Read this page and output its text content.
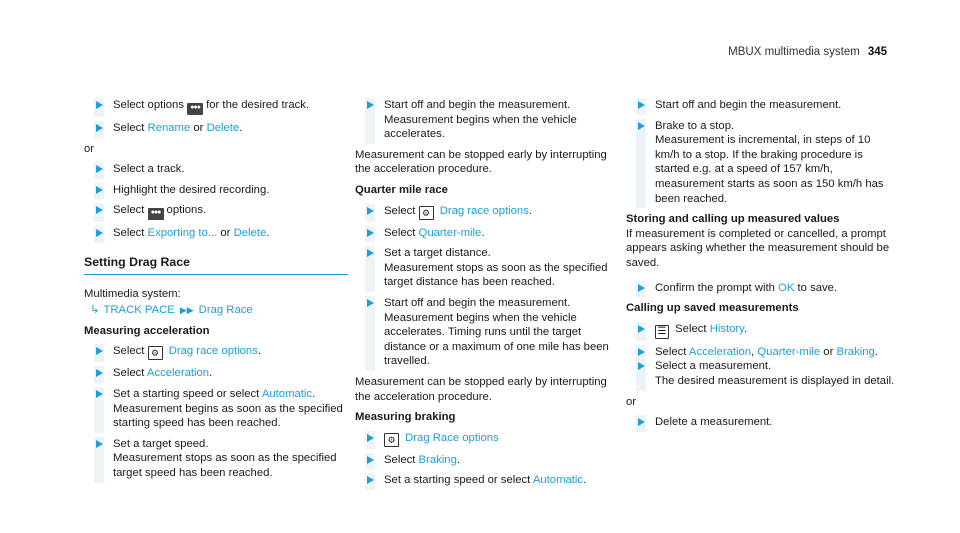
MBUX multimedia system 345
Select options ●●● for the desired track.
Select Rename or Delete.
or
Select a track.
Highlight the desired recording.
Select ●●● options.
Select Exporting to... or Delete.
Setting Drag Race
Multimedia system:
↳ TRACK PACE ▶▶ Drag Race
Measuring acceleration
Select ⚙ Drag race options.
Select Acceleration.
Set a starting speed or select Automatic.
Measurement begins as soon as the specified starting speed has been reached.
Set a target speed.
Measurement stops as soon as the specified target speed has been reached.
Start off and begin the measurement.
Measurement begins when the vehicle accelerates.
Measurement can be stopped early by interrupting the acceleration procedure.
Quarter mile race
Select ⚙ Drag race options.
Select Quarter-mile.
Set a target distance.
Measurement stops as soon as the specified target distance has been reached.
Start off and begin the measurement.
Measurement begins when the vehicle accelerates. Timing runs until the target distance or a maximum of one mile has been travelled.
Measurement can be stopped early by interrupting the acceleration procedure.
Measuring braking
⚙ Drag Race options
Select Braking.
Set a starting speed or select Automatic.
Start off and begin the measurement.
Brake to a stop.
Measurement is incremental, in steps of 10 km/h to a stop. If the braking procedure is started e.g. at a speed of 157 km/h, measurement starts as soon as 150 km/h has been reached.
Storing and calling up measured values
If measurement is completed or cancelled, a prompt appears asking whether the measurement should be saved.
Confirm the prompt with OK to save.
Calling up saved measurements
☰ Select History.
Select Acceleration, Quarter-mile or Braking.
Select a measurement.
The desired measurement is displayed in detail.
or
Delete a measurement.
